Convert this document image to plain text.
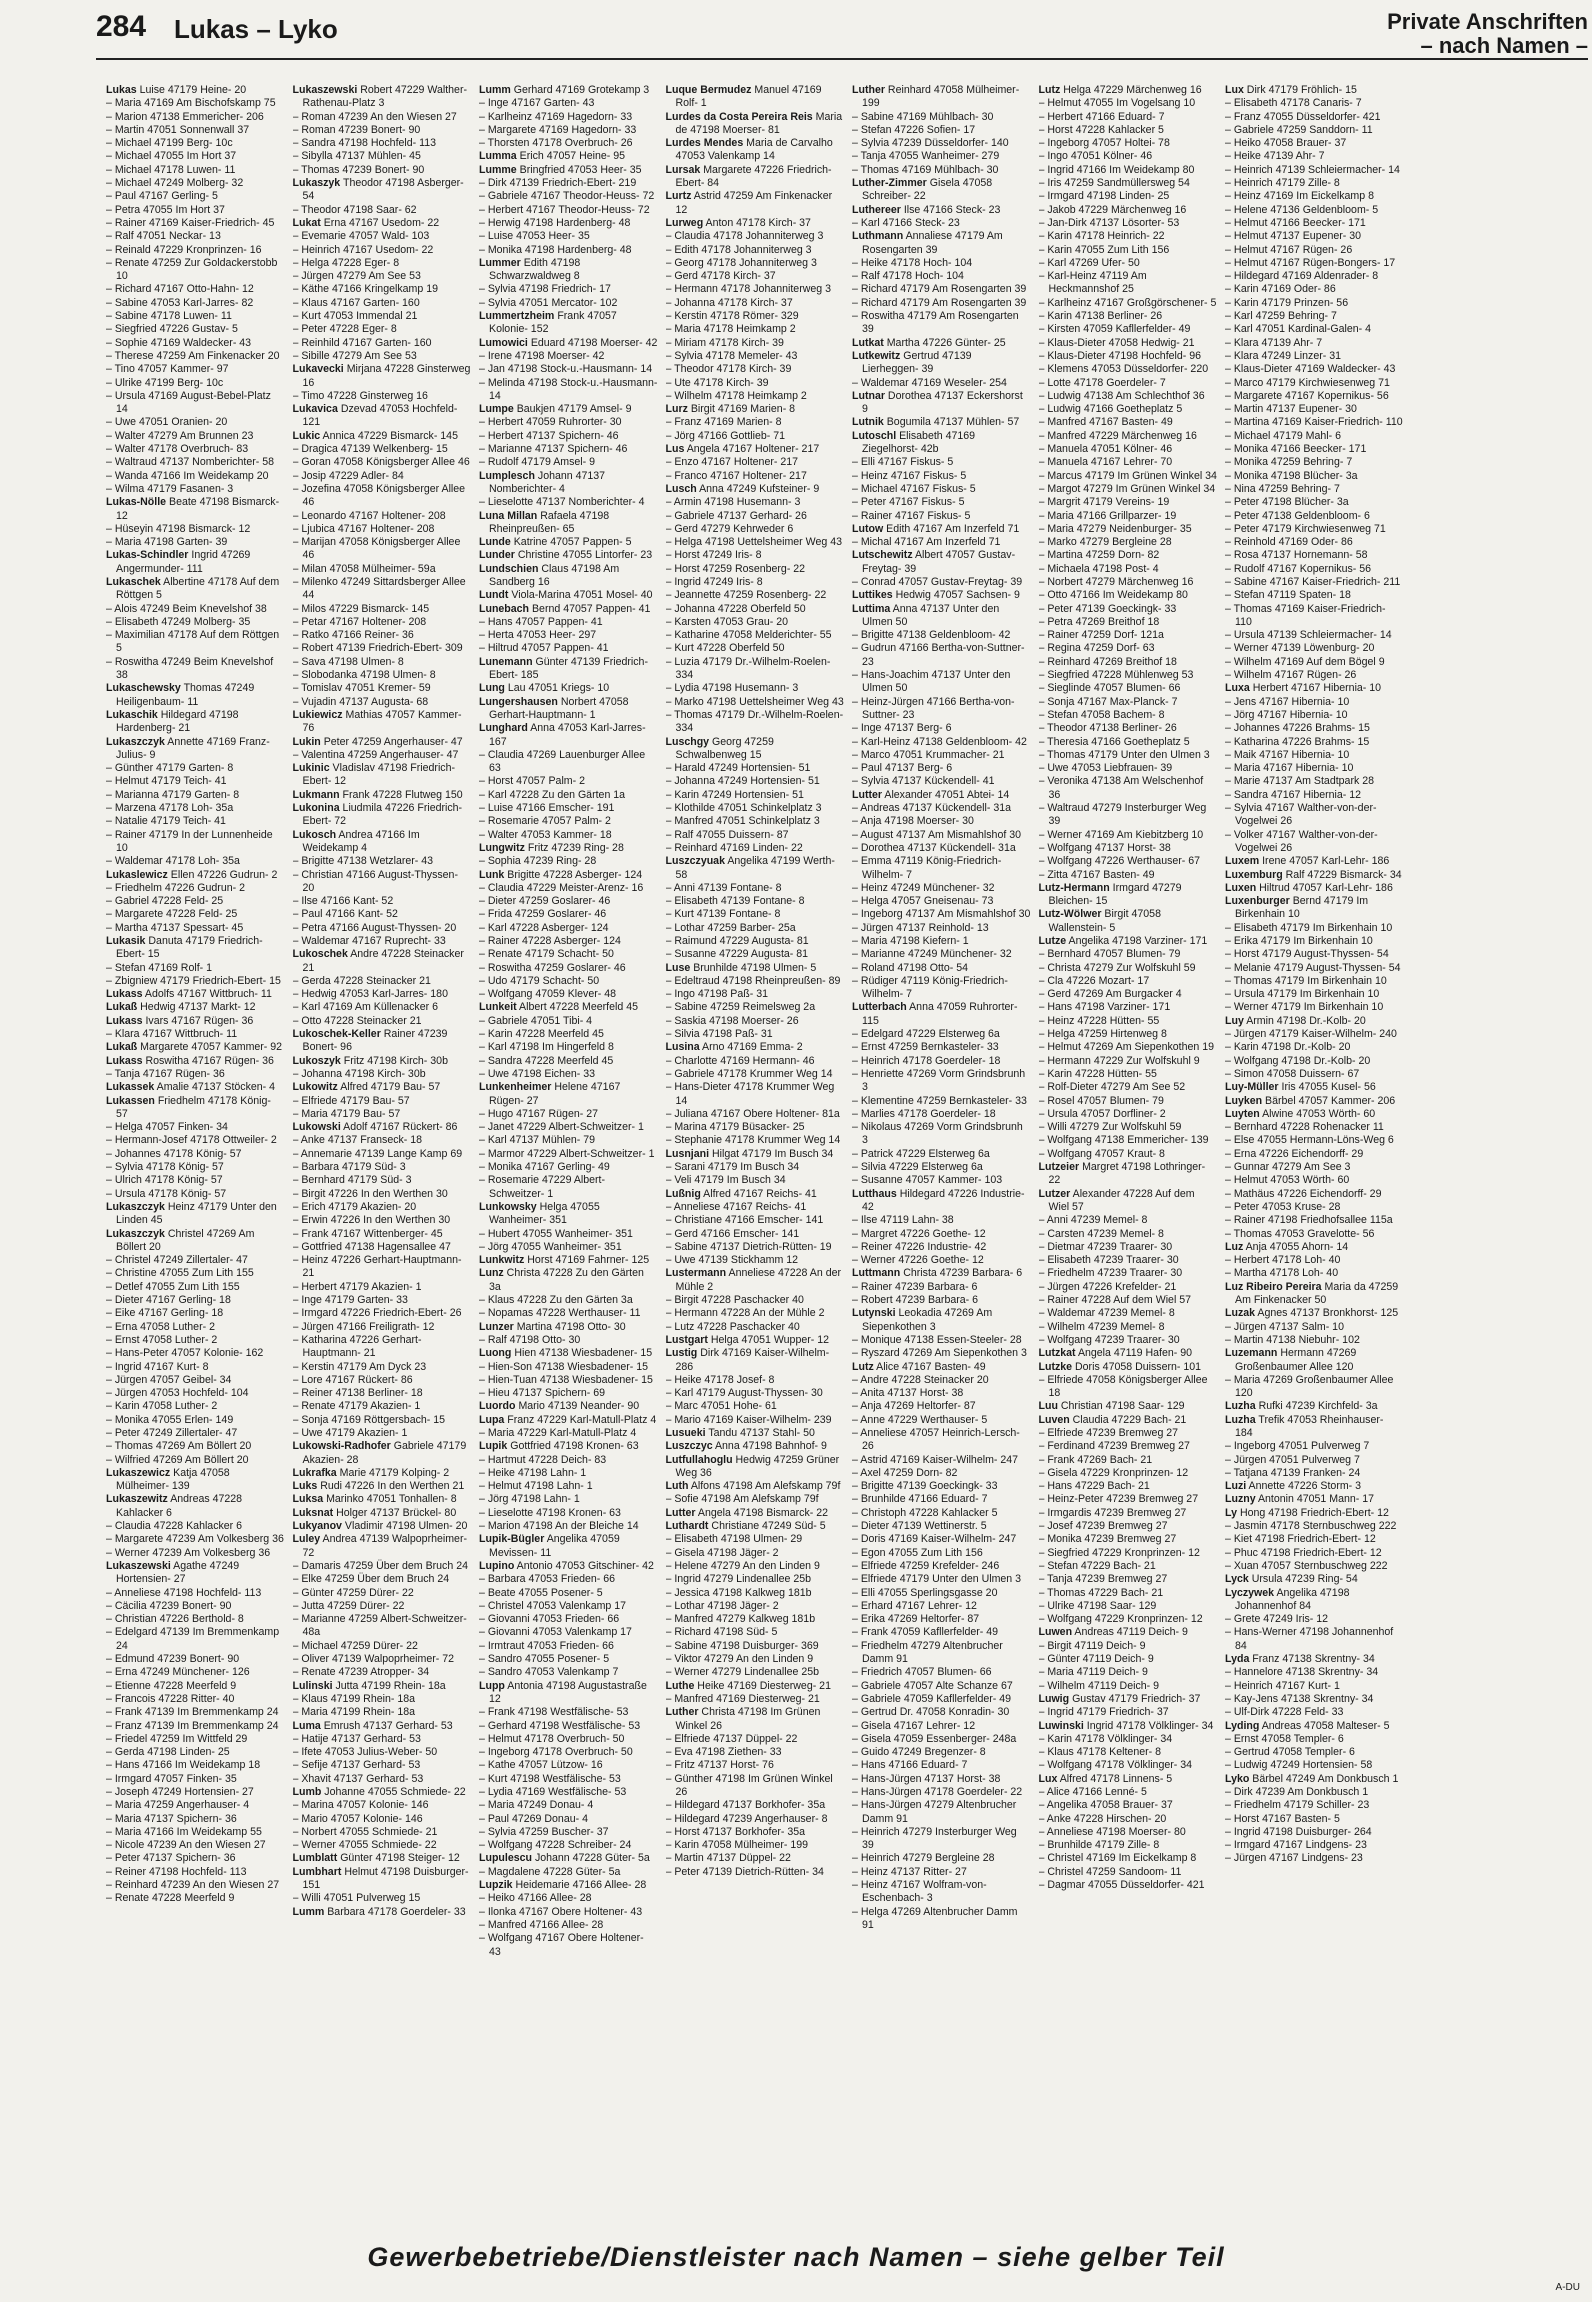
284 Lukas – Lyko	Private Anschriften
– nach Namen –
Lukas Luise 47179 Heine- 20
– Maria 47169 Am Bischofskamp 75
– Marion 47138 Emmericher- 206
– Martin 47051 Sonnenwall 37
– Michael 47199 Berg- 10c
– Michael 47055 Im Hort 37
– Michael 47178 Luwen- 11
– Michael 47249 Molberg- 32
– Paul 47167 Gerling- 5
– Petra 47055 Im Hort 37
– Rainer 47169 Kaiser-Friedrich- 45
– Ralf 47051 Neckar- 13
– Reinald 47229 Kronprinzen- 16
– Renate 47259 Zur Goldackerstobb 10
– Richard 47167 Otto-Hahn- 12
– Sabine 47053 Karl-Jarres- 82
– Sabine 47178 Luwen- 11
– Siegfried 47226 Gustav- 5
– Sophie 47169 Waldecker- 43
– Therese 47259 Am Finkenacker 20
– Tino 47057 Kammer- 97
– Ulrike 47199 Berg- 10c
– Ursula 47169 August-Bebel-Platz 14
– Uwe 47051 Oranien- 20
– Walter 47279 Am Brunnen 23
– Walter 47178 Overbruch- 83
– Waltraud 47137 Nomberichter- 58
– Wanda 47166 Im Weidekamp 20
– Wilma 47179 Fasanen- 3
Lukas-Nölle Beate 47198 Bismarck- 12
– Hüseyin 47198 Bismarck- 12
– Maria 47198 Garten- 39
Lukas-Schindler Ingrid 47269 Angermunder- 111
Lukaschek Albertine 47178 Auf dem Röttgen 5
– Alois 47249 Beim Knevelshof 38
– Elisabeth 47249 Molberg- 35
– Maximilian 47178 Auf dem Röttgen 5
– Roswitha 47249 Beim Knevelshof 38
Lukaschewsky Thomas 47249 Heiligenbaum- 11
Lukaschik Hildegard 47198 Hardenberg- 21
Lukaszczyk Annette 47169 Franz-Julius- 9
– Günther 47179 Garten- 8
– Helmut 47179 Teich- 41
– Marianna 47179 Garten- 8
– Marzena 47178 Loh- 35a
– Natalie 47179 Teich- 41
– Rainer 47179 In der Lunnenheide 10
– Waldemar 47178 Loh- 35a
Lukaslewicz Ellen 47226 Gudrun- 2
– Friedhelm 47226 Gudrun- 2
– Gabriel 47228 Feld- 25
– Margarete 47228 Feld- 25
– Martha 47137 Spessart- 45
Lukasik Danuta 47179 Friedrich-Ebert- 15
– Stefan 47169 Rolf- 1
– Zbigniew 47179 Friedrich-Ebert- 15
Lukass Adolfs 47167 Wittbruch- 11
Lukaß Hedwig 47137 Markt- 12
Lukass Ivars 47167 Rügen- 36
– Klara 47167 Wittbruch- 11
Lukaß Margarete 47057 Kammer- 92
Lukass Roswitha 47167 Rügen- 36
– Tanja 47167 Rügen- 36
Lukassek Amalie 47137 Stöcken- 4
Lukassen Friedhelm 47178 König- 57
– Helga 47057 Finken- 34
– Hermann-Josef 47178 Ottweiler- 2
– Johannes 47178 König- 57
– Sylvia 47178 König- 57
– Ulrich 47178 König- 57
– Ursula 47178 König- 57
Lukaszczyk Heinz 47179 Unter den Linden 45
Lukaszczyk Christel 47269 Am Böllert 20
– Christel 47249 Zillertaler- 47
– Christine 47055 Zum Lith 155
– Detlef 47055 Zum Lith 155
– Dieter 47167 Gerling- 18
– Eike 47167 Gerling- 18
– Erna 47058 Luther- 2
– Ernst 47058 Luther- 2
– Hans-Peter 47057 Kolonie- 162
– Ingrid 47167 Kurt- 8
– Jürgen 47057 Geibel- 34
– Jürgen 47053 Hochfeld- 104
– Karin 47058 Luther- 2
– Monika 47055 Erlen- 149
– Peter 47249 Zillertaler- 47
– Thomas 47269 Am Böllert 20
– Wilfried 47269 Am Böllert 20
Lukaszewicz Katja 47058 Mülheimer- 139
Lukaszewitz Andreas 47228 Kahlacker 6
– Claudia 47228 Kahlacker 6
– Margarete 47239 Am Volkesberg 36
– Werner 47239 Am Volkesberg 36
Lukaszewski Agathe 47249 Hortensien- 27
– Anneliese 47198 Hochfeld- 113
– Cäcilia 47239 Bonert- 90
– Christian 47226 Berthold- 8
– Edelgard 47139 Im Bremmenkamp 24
– Edmund 47239 Bonert- 90
– Erna 47249 Münchener- 126
– Etienne 47228 Meerfeld 9
– Francois 47228 Ritter- 40
– Frank 47139 Im Bremmenkamp 24
– Franz 47139 Im Bremmenkamp 24
– Friedel 47259 Im Wittfeld 29
– Gerda 47198 Linden- 25
– Hans 47166 Im Weidekamp 18
– Irmgard 47057 Finken- 35
– Joseph 47249 Hortensien- 27
– Maria 47259 Angerhauser- 4
– Maria 47137 Spichern- 36
– Maria 47166 Im Weidekamp 55
– Nicole 47239 An den Wiesen 27
– Peter 47137 Spichern- 36
– Reiner 47198 Hochfeld- 113
– Reinhard 47239 An den Wiesen 27
– Renate 47228 Meerfeld 9
Lukaszewski Robert 47229 Walther-Rathenau-Platz 3
– Roman 47239 An den Wiesen 27
– Roman 47239 Bonert- 90
– Sandra 47198 Hochfeld- 113
– Sibylla 47137 Mühlen- 45
– Thomas 47239 Bonert- 90
Lukaszyk Theodor 47198 Asberger- 54
– Theodor 47198 Saar- 62
Lukat Erna 47167 Usedom- 22
– Evemarie 47057 Wald- 103
– Heinrich 47167 Usedom- 22
– Helga 47228 Eger- 8
– Jürgen 47279 Am See 53
– Käthe 47166 Kringelkamp 19
– Klaus 47167 Garten- 160
– Kurt 47053 Immendal 21
– Peter 47228 Eger- 8
– Reinhild 47167 Garten- 160
– Sibille 47279 Am See 53
Lukavecki Mirjana 47228 Ginsterweg 16
– Timo 47228 Ginsterweg 16
Lukavica Dzevad 47053 Hochfeld- 121
Lukic Annica 47229 Bismarck- 145
– Dragica 47139 Welkenberg- 15
– Goran 47058 Königsberger Allee 46
– Josip 47229 Adler- 84
– Jozefina 47058 Königsberger Allee 46
– Leonardo 47167 Holtener- 208
– Ljubica 47167 Holtener- 208
– Marijan 47058 Königsberger Allee 46
– Milan 47058 Mülheimer- 59a
– Milenko 47249 Sittardsberger Allee 44
– Milos 47229 Bismarck- 145
– Petar 47167 Holtener- 208
– Ratko 47166 Reiner- 36
– Robert 47139 Friedrich-Ebert- 309
– Sava 47198 Ulmen- 8
– Slobodanka 47198 Ulmen- 8
– Tomislav 47051 Kremer- 59
– Vujadin 47137 Augusta- 68
Lukiewicz Mathias 47057 Kammer- 76
Lukin Peter 47259 Angerhauser- 47
– Valentina 47259 Angerhauser- 47
Lukinic Vladislav 47198 Friedrich-Ebert- 12
Lukmann Frank 47228 Flutweg 150
Lukonina Liudmila 47226 Friedrich-Ebert- 72
Lukosch Andrea 47166 Im Weidekamp 4
– Brigitte 47138 Wetzlarer- 43
– Christian 47166 August-Thyssen- 20
– Ilse 47166 Kant- 52
– Paul 47166 Kant- 52
– Petra 47166 August-Thyssen- 20
– Waldemar 47167 Ruprecht- 33
Lukoschek Andre 47228 Steinacker 21
– Gerda 47228 Steinacker 21
– Hedwig 47053 Karl-Jarres- 180
– Karl 47169 Am Küllenacker 6
– Otto 47228 Steinacker 21
Lukoschek-Keller Rainer 47239 Bonert- 96
Lukoszyk Fritz 47198 Kirch- 30b
– Johanna 47198 Kirch- 30b
Lukowitz Alfred 47179 Bau- 57
– Elfriede 47179 Bau- 57
– Maria 47179 Bau- 57
Lukowski Adolf 47167 Rückert- 86
– Anke 47137 Franseck- 18
– Annemarie 47139 Lange Kamp 69
– Barbara 47179 Süd- 3
– Bernhard 47179 Süd- 3
– Birgit 47226 In den Werthen 30
– Erich 47179 Akazien- 20
– Erwin 47226 In den Werthen 30
– Frank 47167 Wittenberger- 45
– Gottfried 47138 Hagensallee 47
– Heinz 47226 Gerhart-Hauptmann- 21
– Herbert 47179 Akazien- 1
– Inge 47179 Garten- 33
– Irmgard 47226 Friedrich-Ebert- 26
– Jürgen 47166 Freiligrath- 12
– Katharina 47226 Gerhart-Hauptmann- 21
– Kerstin 47179 Am Dyck 23
– Lore 47167 Rückert- 86
– Reiner 47138 Berliner- 18
– Renate 47179 Akazien- 1
– Sonja 47169 Röttgersbach- 15
– Uwe 47179 Akazien- 1
Lukowski-Radhofer Gabriele 47179 Akazien- 28
Lukrafka Marie 47179 Kolping- 2
Luks Rudi 47226 In den Werthen 21
Luksa Marinko 47051 Tonhallen- 8
Luksnat Holger 47137 Brückel- 80
Lukyanov Vladimir 47198 Ulmen- 20
Luley Andrea 47139 Walpoprheimer- 72
– Damaris 47259 Über dem Bruch 24
– Elke 47259 Über dem Bruch 24
– Günter 47259 Dürer- 22
– Jutta 47259 Dürer- 22
– Marianne 47259 Albert-Schweitzer- 48a
– Michael 47259 Dürer- 22
– Oliver 47139 Walpoprheimer- 72
– Renate 47239 Atropper- 34
Lulinski Jutta 47199 Rhein- 18a
– Klaus 47199 Rhein- 18a
– Maria 47199 Rhein- 18a
Luma Emrush 47137 Gerhard- 53
– Hatije 47137 Gerhard- 53
– Ifete 47053 Julius-Weber- 50
– Sefije 47137 Gerhard- 53
– Xhavit 47137 Gerhard- 53
Lumb Johanne 47055 Schmiede- 22
– Marina 47057 Kolonie- 146
– Mario 47057 Kolonie- 146
– Norbert 47055 Schmiede- 21
– Werner 47055 Schmiede- 22
Lumblatt Günter 47198 Steiger- 12
Lumbhart Helmut 47198 Duisburger- 151
– Willi 47051 Pulverweg 15
Lumm Barbara 47178 Goerdeler- 33
Lumm Gerhard 47169 Grotekamp 3
– Inge 47167 Garten- 43
– Karlheinz 47169 Hagedorn- 33
– Margarete 47169 Hagedorn- 33
– Thorsten 47178 Overbruch- 26
Lumma Erich 47057 Heine- 95
Lumme Bringfried 47053 Heer- 35
– Dirk 47139 Friedrich-Ebert- 219
– Gabriele 47167 Theodor-Heuss- 72
– Herbert 47167 Theodor-Heuss- 72
– Herwig 47198 Hardenberg- 48
– Luise 47053 Heer- 35
– Monika 47198 Hardenberg- 48
Lummer Edith 47198 Schwarzwaldweg 8
– Sylvia 47198 Friedrich- 17
– Sylvia 47051 Mercator- 102
Lummertzheim Frank 47057 Kolonie- 152
Lumowici Eduard 47198 Moerser- 42
– Irene 47198 Moerser- 42
– Jan 47198 Stock-u.-Hausmann- 14
– Melinda 47198 Stock-u.-Hausmann- 14
Lumpe Baukjen 47179 Amsel- 9
– Herbert 47059 Ruhrorter- 30
– Herbert 47137 Spichern- 46
– Marianne 47137 Spichern- 46
– Rudolf 47179 Amsel- 9
Lumplesch Johann 47137 Nomberichter- 4
– Lieselotte 47137 Nomberichter- 4
Luna Millan Rafaela 47198 Rheinpreußen- 65
Lunde Katrine 47057 Pappen- 5
Lunder Christine 47055 Lintorfer- 23
Lundschien Claus 47198 Am Sandberg 16
Lundt Viola-Marina 47051 Mosel- 40
Lunebach Bernd 47057 Pappen- 41
– Hans 47057 Pappen- 41
– Herta 47053 Heer- 297
– Hiltrud 47057 Pappen- 41
Lunemann Günter 47139 Friedrich-Ebert- 185
Lung Lau 47051 Kriegs- 10
Lungershausen Norbert 47058 Gerhart-Hauptmann- 1
Lunghard Anna 47053 Karl-Jarres- 167
– Claudia 47269 Lauenburger Allee 63
– Horst 47057 Palm- 2
– Karl 47228 Zu den Gärten 1a
– Luise 47166 Emscher- 191
– Rosemarie 47057 Palm- 2
– Walter 47053 Kammer- 18
Lungwitz Fritz 47239 Ring- 28
– Sophia 47239 Ring- 28
Lunk Brigitte 47228 Asberger- 124
– Claudia 47229 Meister-Arenz- 16
– Dieter 47259 Goslarer- 46
– Frida 47259 Goslarer- 46
– Karl 47228 Asberger- 124
– Rainer 47228 Asberger- 124
– Renate 47179 Schacht- 50
– Roswitha 47259 Goslarer- 46
– Udo 47179 Schacht- 50
– Wolfgang 47059 Klever- 48
Lunkeit Albert 47228 Meerfeld 45
– Gabriele 47051 Tibi- 4
– Karin 47228 Meerfeld 45
– Karl 47198 Im Hingerfeld 8
– Sandra 47228 Meerfeld 45
– Uwe 47198 Eichen- 33
Lunkenheimer Helene 47167 Rügen- 27
– Hugo 47167 Rügen- 27
– Janet 47229 Albert-Schweitzer- 1
– Karl 47137 Mühlen- 79
– Marmor 47229 Albert-Schweitzer- 1
– Monika 47167 Gerling- 49
– Rosemarie 47229 Albert-Schweitzer- 1
Lunkowsky Helga 47055 Wanheimer- 351
– Hubert 47055 Wanheimer- 351
– Jörg 47055 Wanheimer- 351
Lunkwitz Horst 47169 Fahrner- 125
Lunz Christa 47228 Zu den Gärten 3a
– Klaus 47228 Zu den Gärten 3a
– Nopamas 47228 Werthauser- 11
Lunzer Martina 47198 Otto- 30
– Ralf 47198 Otto- 30
Luong Hien 47138 Wiesbadener- 15
– Hien-Son 47138 Wiesbadener- 15
– Hien-Tuan 47138 Wiesbadener- 15
– Hieu 47137 Spichern- 69
Luordo Mario 47139 Neander- 90
Lupa Franz 47229 Karl-Matull-Platz 4
– Maria 47229 Karl-Matull-Platz 4
Lupik Gottfried 47198 Kronen- 63
– Hartmut 47228 Deich- 83
– Heike 47198 Lahn- 1
– Helmut 47198 Lahn- 1
– Jörg 47198 Lahn- 1
– Lieselotte 47198 Kronen- 63
– Marion 47198 An der Bleiche 14
Lupik-Bügler Angelika 47059 Mevissen- 11
Lupino Antonio 47053 Gitschiner- 42
– Barbara 47053 Frieden- 66
– Beate 47055 Posener- 5
– Christel 47053 Valenkamp 17
– Giovanni 47053 Frieden- 66
– Giovanni 47053 Valenkamp 17
– Irmtraut 47053 Frieden- 66
– Sandro 47055 Posener- 5
– Sandro 47053 Valenkamp 7
Lupp Antonia 47198 Augustastraße 12
– Frank 47198 Westfälische- 53
– Gerhard 47198 Westfälische- 53
– Helmut 47178 Overbruch- 50
– Ingeborg 47178 Overbruch- 50
– Kathe 47057 Lützow- 16
– Kurt 47198 Westfälische- 53
– Lydia 47169 Westfälische- 53
– Maria 47249 Donau- 4
– Paul 47269 Donau- 4
– Sylvia 47259 Buscher- 37
– Wolfgang 47228 Schreiber- 24
Lupulescu Johann 47228 Güter- 5a
– Magdalene 47228 Güter- 5a
Lupzik Heidemarie 47166 Allee- 28
– Heiko 47166 Allee- 28
– Ilonka 47167 Obere Holtener- 43
– Manfred 47166 Allee- 28
– Wolfgang 47167 Obere Holtener- 43
Luque Bermudez Manuel 47169 Rolf- 1
Lurdes da Costa Pereira Reis Maria de 47198 Moerser- 81
Lurdes Mendes Maria de Carvalho 47053 Valenkamp 14
Lursak Margarete 47226 Friedrich-Ebert- 84
Lurtz Astrid 47259 Am Finkenacker 12
Lurweg Anton 47178 Kirch- 37
– Claudia 47178 Johanniterweg 3
– Edith 47178 Johanniterweg 3
– Georg 47178 Johanniterweg 3
– Gerd 47178 Kirch- 37
– Hermann 47178 Johanniterweg 3
– Johanna 47178 Kirch- 37
– Kerstin 47178 Römer- 329
– Maria 47178 Heimkamp 2
– Miriam 47178 Kirch- 39
– Sylvia 47178 Memeler- 43
– Theodor 47178 Kirch- 39
– Ute 47178 Kirch- 39
– Wilhelm 47178 Heimkamp 2
Lurz Birgit 47169 Marien- 8
– Franz 47169 Marien- 8
– Jörg 47166 Gottlieb- 71
Lus Angela 47167 Holtener- 217
– Enzo 47167 Holtener- 217
– Franco 47167 Holtener- 217
Lusch Anna 47249 Kufsteiner- 9
– Armin 47198 Husemann- 3
– Gabriele 47137 Gerhard- 26
– Gerd 47279 Kehrweder 6
– Helga 47198 Uettelsheimer Weg 43
– Horst 47249 Iris- 8
– Horst 47259 Rosenberg- 22
– Ingrid 47249 Iris- 8
– Jeannette 47259 Rosenberg- 22
– Johanna 47228 Oberfeld 50
– Karsten 47053 Grau- 20
– Katharine 47058 Melderichter- 55
– Kurt 47228 Oberfeld 50
– Luzia 47179 Dr.-Wilhelm-Roelen- 334
– Lydia 47198 Husemann- 3
– Marko 47198 Uettelsheimer Weg 43
– Thomas 47179 Dr.-Wilhelm-Roelen- 334
Luschgy Georg 47259 Schwalbenweg 15
– Harald 47249 Hortensien- 51
– Johanna 47249 Hortensien- 51
– Karin 47249 Hortensien- 51
– Klothilde 47051 Schinkelplatz 3
– Manfred 47051 Schinkelplatz 3
– Ralf 47055 Duissern- 87
– Reinhard 47169 Linden- 22
Luszczyuak Angelika 47199 Werth- 58
– Anni 47139 Fontane- 8
– Elisabeth 47139 Fontane- 8
– Kurt 47139 Fontane- 8
– Lothar 47259 Barber- 25a
– Raimund 47229 Augusta- 81
– Susanne 47229 Augusta- 81
Luse Brunhilde 47198 Ulmen- 5
– Edeltraud 47198 Rheinpreußen- 89
– Ingo 47198 Paß- 31
– Sabine 47259 Reimelsweg 2a
– Saskia 47198 Moerser- 26
– Silvia 47198 Paß- 31
Lusina Arno 47169 Emma- 2
– Charlotte 47169 Hermann- 46
– Gabriele 47178 Krummer Weg 14
– Hans-Dieter 47178 Krummer Weg 14
– Juliana 47167 Obere Holtener- 81a
– Marina 47179 Büsacker- 25
– Stephanie 47178 Krummer Weg 14
Lusnjani Hilgat 47179 Im Busch 34
– Sarani 47179 Im Busch 34
– Veli 47179 Im Busch 34
Lußnig Alfred 47167 Reichs- 41
– Anneliese 47167 Reichs- 41
– Christiane 47166 Emscher- 141
– Gerd 47166 Emscher- 141
– Sabine 47137 Dietrich-Rütten- 19
– Uwe 47139 Stickhamm 12
Lustermann Anneliese 47228 An der Mühle 2
– Birgit 47228 Paschacker 40
– Hermann 47228 An der Mühle 2
– Lutz 47228 Paschacker 40
Lustgart Helga 47051 Wupper- 12
Lustig Dirk 47169 Kaiser-Wilhelm- 286
– Heike 47178 Josef- 8
– Karl 47179 August-Thyssen- 30
– Marc 47051 Hohe- 61
– Mario 47169 Kaiser-Wilhelm- 239
Lusueki Tandu 47137 Stahl- 50
Luszczyc Anna 47198 Bahnhof- 9
Lutfullahoglu Hedwig 47259 Grüner Weg 36
Luth Alfons 47198 Am Alefskamp 79f
– Sofie 47198 Am Alefskamp 79f
Lutter Angela 47198 Bismarck- 22
Luthardt Christiane 47249 Süd- 5
– Elisabeth 47198 Ulmen- 29
– Gisela 47198 Jäger- 2
– Helene 47279 An den Linden 9
– Ingrid 47279 Lindenallee 25b
– Jessica 47198 Kalkweg 181b
– Lothar 47198 Jäger- 2
– Manfred 47279 Kalkweg 181b
– Richard 47198 Süd- 5
– Sabine 47198 Duisburger- 369
– Viktor 47279 An den Linden 9
– Werner 47279 Lindenallee 25b
Luthe Heike 47169 Diesterweg- 21
– Manfred 47169 Diesterweg- 21
Luther Christa 47198 Im Grünen Winkel 26
– Elfriede 47137 Düppel- 22
– Eva 47198 Ziethen- 33
– Fritz 47137 Horst- 76
– Günther 47198 Im Grünen Winkel 26
– Hildegard 47137 Borkhofer- 35a
– Hildegard 47239 Angerhauser- 8
– Horst 47137 Borkhofer- 35a
– Karin 47058 Mülheimer- 199
– Martin 47137 Düppel- 22
– Peter 47139 Dietrich-Rütten- 34
Luther Reinhard 47058 Mülheimer- 199
– Sabine 47169 Mühlbach- 30
– Stefan 47226 Sofien- 17
– Sylvia 47239 Düsseldorfer- 140
– Tanja 47055 Wanheimer- 279
– Thomas 47169 Mühlbach- 30
Luther-Zimmer Gisela 47058 Schreiber- 22
Luthereer Ilse 47166 Steck- 23
– Karl 47166 Steck- 23
Luthmann Annaliese 47179 Am Rosengarten 39
– Heike 47178 Hoch- 104
– Ralf 47178 Hoch- 104
– Richard 47179 Am Rosengarten 39
– Richard 47179 Am Rosengarten 39
– Roswitha 47179 Am Rosengarten 39
Lutkat Martha 47226 Günter- 25
Lutkewitz Gertrud 47139 Lierheggen- 39
– Waldemar 47169 Weseler- 254
Lutnar Dorothea 47137 Eckershorst 9
Lutnik Bogumila 47137 Mühlen- 57
Lutoschl Elisabeth 47169 Ziegelhorst- 42b
– Elli 47167 Fiskus- 5
– Heinz 47167 Fiskus- 5
– Michael 47167 Fiskus- 5
– Peter 47167 Fiskus- 5
– Rainer 47167 Fiskus- 5
Lutow Edith 47167 Am Inzerfeld 71
– Michal 47167 Am Inzerfeld 71
Lutschewitz Albert 47057 Gustav-Freytag- 39
– Conrad 47057 Gustav-Freytag- 39
Luttikes Hedwig 47057 Sachsen- 9
Luttima Anna 47137 Unter den Ulmen 50
– Brigitte 47138 Geldenbloom- 42
– Gudrun 47166 Bertha-von-Suttner- 23
– Hans-Joachim 47137 Unter den Ulmen 50
– Heinz-Jürgen 47166 Bertha-von-Suttner- 23
– Inge 47137 Berg- 6
– Karl-Heinz 47138 Geldenbloom- 42
– Marco 47051 Krummacher- 21
– Paul 47137 Berg- 6
– Sylvia 47137 Kückendell- 41
Lutter Alexander 47051 Abtei- 14
– Andreas 47137 Kückendell- 31a
– Anja 47198 Moerser- 30
– August 47137 Am Mismahlshof 30
– Dorothea 47137 Kückendell- 31a
– Emma 47119 König-Friedrich-Wilhelm- 7
– Heinz 47249 Münchener- 32
– Helga 47057 Gneisenau- 73
– Ingeborg 47137 Am Mismahlshof 30
– Jürgen 47137 Reinhold- 13
– Maria 47198 Kiefern- 1
– Marianne 47249 Münchener- 32
– Roland 47198 Otto- 54
– Rüdiger 47119 König-Friedrich-Wilhelm- 7
Lutterbach Anna 47059 Ruhrorter- 115
– Edelgard 47229 Elsterweg 6a
– Ernst 47259 Bernkasteler- 33
– Heinrich 47178 Goerdeler- 18
– Henriette 47269 Vorm Grindsbrunh 3
– Klementine 47259 Bernkasteler- 33
– Marlies 47178 Goerdeler- 18
– Nikolaus 47269 Vorm Grindsbrunh 3
– Patrick 47229 Elsterweg 6a
– Silvia 47229 Elsterweg 6a
– Susanne 47057 Kammer- 103
Lutthaus Hildegard 47226 Industrie- 42
– Ilse 47119 Lahn- 38
– Margret 47226 Goethe- 12
– Reiner 47226 Industrie- 42
– Werner 47226 Goethe- 12
Luttmann Christa 47239 Barbara- 6
– Rainer 47239 Barbara- 6
– Robert 47239 Barbara- 6
Lutynski Leokadia 47269 Am Siepenkothen 3
– Monique 47138 Essen-Steeler- 28
– Ryszard 47269 Am Siepenkothen 3
Lutz Alice 47167 Basten- 49
– Andre 47228 Steinacker 20
– Anita 47137 Horst- 38
– Anja 47269 Heltorfer- 87
– Anne 47229 Werthauser- 5
– Anneliese 47057 Heinrich-Lersch- 26
– Astrid 47169 Kaiser-Wilhelm- 247
– Axel 47259 Dorn- 82
– Brigitte 47139 Goeckingk- 33
– Brunhilde 47166 Eduard- 7
– Christoph 47228 Kahlacker 5
– Dieter 47139 Wettinerstr. 5
– Doris 47169 Kaiser-Wilhelm- 247
– Egon 47055 Zum Lith 156
– Elfriede 47259 Krefelder- 246
– Elfriede 47179 Unter den Ulmen 3
– Elli 47055 Sperlingsgasse 20
– Erhard 47167 Lehrer- 12
– Erika 47269 Heltorfer- 87
– Frank 47059 Kafllerfelder- 49
– Friedhelm 47279 Altenbrucher Damm 91
– Friedrich 47057 Blumen- 66
– Gabriele 47057 Alte Schanze 67
– Gabriele 47059 Kafllerfelder- 49
– Gertrud Dr. 47058 Konradin- 30
– Gisela 47167 Lehrer- 12
– Gisela 47059 Essenberger- 248a
– Guido 47249 Bregenzer- 8
– Hans 47166 Eduard- 7
– Hans-Jürgen 47137 Horst- 38
– Hans-Jürgen 47178 Goerdeler- 22
– Hans-Jürgen 47279 Altenbrucher Damm 91
– Heinrich 47279 Insterburger Weg 39
– Heinrich 47279 Bergleine 28
– Heinz 47137 Ritter- 27
– Heinz 47167 Wolfram-von-Eschenbach- 3
– Helga 47269 Altenbrucher Damm 91
Lutz Helga 47229 Märchenweg 16
– Helmut 47055 Im Vogelsang 10
– Herbert 47166 Eduard- 7
– Horst 47228 Kahlacker 5
– Ingeborg 47057 Holtei- 78
– Ingo 47051 Kölner- 46
– Ingrid 47166 Im Weidekamp 80
– Iris 47259 Sandmüllersweg 54
– Irmgard 47198 Linden- 25
– Jakob 47229 Märchenweg 16
– Jan-Dirk 47137 Lösorter- 53
– Karin 47178 Heinrich- 22
– Karin 47055 Zum Lith 156
– Karl 47269 Ufer- 50
– Karl-Heinz 47119 Am Heckmannshof 25
– Karlheinz 47167 Großgörschener- 5
– Karin 47138 Berliner- 26
– Kirsten 47059 Kafllerfelder- 49
– Klaus-Dieter 47058 Hedwig- 21
– Klaus-Dieter 47198 Hochfeld- 96
– Klemens 47053 Düsseldorfer- 220
– Lotte 47178 Goerdeler- 7
– Ludwig 47138 Am Schlechthof 36
– Ludwig 47166 Goetheplatz 5
– Manfred 47167 Basten- 49
– Manfred 47229 Märchenweg 16
– Manuela 47051 Kölner- 46
– Manuela 47167 Lehrer- 70
– Marcus 47179 Im Grünen Winkel 34
– Margot 47279 Im Grünen Winkel 34
– Margrit 47179 Vereins- 19
– Maria 47166 Grillparzer- 19
– Maria 47279 Neidenburger- 35
– Marko 47279 Bergleine 28
– Martina 47259 Dorn- 82
– Michaela 47198 Post- 4
– Norbert 47279 Märchenweg 16
– Otto 47166 Im Weidekamp 80
– Peter 47139 Goeckingk- 33
– Petra 47269 Breithof 18
– Rainer 47259 Dorf- 121a
– Regina 47259 Dorf- 63
– Reinhard 47269 Breithof 18
– Siegfried 47228 Mühlenweg 53
– Sieglinde 47057 Blumen- 66
– Sonja 47167 Max-Planck- 7
– Stefan 47058 Bachem- 8
– Theodor 47138 Berliner- 26
– Theresia 47166 Goetheplatz 5
– Thomas 47179 Unter den Ulmen 3
– Uwe 47053 Liebfrauen- 39
– Veronika 47138 Am Welschenhof 36
– Waltraud 47279 Insterburger Weg 39
– Werner 47169 Am Kiebitzberg 10
– Wolfgang 47137 Horst- 38
– Wolfgang 47226 Werthauser- 67
– Zitta 47167 Basten- 49
Lutz-Hermann Irmgard 47279 Bleichen- 15
Lutz-Wölwer Birgit 47058 Wallenstein- 5
Lutze Angelika 47198 Varziner- 171
– Bernhard 47057 Blumen- 79
– Christa 47279 Zur Wolfskuhl 59
– Cla 47226 Mozart- 17
– Gerd 47269 Am Burgacker 4
– Hans 47198 Varziner- 171
– Heinz 47228 Hütten- 55
– Helga 47259 Hirtenweg 8
– Helmut 47269 Am Siepenkothen 19
– Hermann 47229 Zur Wolfskuhl 9
– Karin 47228 Hütten- 55
– Rolf-Dieter 47279 Am See 52
– Rosel 47057 Blumen- 79
– Ursula 47057 Dorfliner- 2
– Willi 47279 Zur Wolfskuhl 59
– Wolfgang 47138 Emmericher- 139
– Wolfgang 47057 Kraut- 8
Lutzeier Margret 47198 Lothringer- 22
Lutzer Alexander 47228 Auf dem Wiel 57
– Anni 47239 Memel- 8
– Carsten 47239 Memel- 8
– Dietmar 47239 Traarer- 30
– Elisabeth 47239 Traarer- 30
– Friedhelm 47239 Traarer- 30
– Jürgen 47226 Krefelder- 21
– Rainer 47228 Auf dem Wiel 57
– Waldemar 47239 Memel- 8
– Wilhelm 47239 Memel- 8
– Wolfgang 47239 Traarer- 30
Lutzkat Angela 47119 Hafen- 90
Lutzke Doris 47058 Duissern- 101
– Elfriede 47058 Königsberger Allee 18
Luu Christian 47198 Saar- 129
Luven Claudia 47229 Bach- 21
– Elfriede 47239 Bremweg 27
– Ferdinand 47239 Bremweg 27
– Frank 47269 Bach- 21
– Gisela 47229 Kronprinzen- 12
– Hans 47229 Bach- 21
– Heinz-Peter 47239 Bremweg 27
– Irmgardis 47239 Bremweg 27
– Josef 47239 Bremweg 27
– Monika 47239 Bremweg 27
– Siegfried 47229 Kronprinzen- 12
– Stefan 47229 Bach- 21
– Tanja 47239 Bremweg 27
– Thomas 47229 Bach- 21
– Ulrike 47198 Saar- 129
– Wolfgang 47229 Kronprinzen- 12
Luwen Andreas 47119 Deich- 9
– Birgit 47119 Deich- 9
– Günter 47119 Deich- 9
– Maria 47119 Deich- 9
– Wilhelm 47119 Deich- 9
Luwig Gustav 47179 Friedrich- 37
– Ingrid 47179 Friedrich- 37
Luwinski Ingrid 47178 Völklinger- 34
– Karin 47178 Völklinger- 34
– Klaus 47178 Keltener- 8
– Wolfgang 47178 Völklinger- 34
Lux Alfred 47178 Linnens- 5
– Alice 47166 Lenné- 5
– Angelika 47058 Brauer- 37
– Anke 47228 Hirschen- 20
– Anneliese 47198 Moerser- 80
– Brunhilde 47179 Zille- 8
– Christel 47169 Im Eickelkamp 8
– Christel 47259 Sandoom- 11
– Dagmar 47055 Düsseldorfer- 421
Lux Dirk 47179 Fröhlich- 15
– Elisabeth 47178 Canaris- 7
– Franz 47055 Düsseldorfer- 421
– Gabriele 47259 Sanddorn- 11
– Heiko 47058 Brauer- 37
– Heike 47139 Ahr- 7
– Heinrich 47139 Schleiermacher- 14
– Heinrich 47179 Zille- 8
– Heinz 47169 Im Eickelkamp 8
– Helene 47136 Geldenbloom- 5
– Helmut 47166 Beecker- 171
– Helmut 47137 Eupener- 30
– Helmut 47167 Rügen- 26
– Helmut 47167 Rügen-Bongers- 17
– Hildegard 47169 Aldenrader- 8
– Karin 47169 Oder- 86
– Karin 47179 Prinzen- 56
– Karl 47259 Behring- 7
– Karl 47051 Kardinal-Galen- 4
– Klara 47139 Ahr- 7
– Klara 47249 Linzer- 31
– Klaus-Dieter 47169 Waldecker- 43
– Marco 47179 Kirchwiesenweg 71
– Margarete 47167 Kopernikus- 56
– Martin 47137 Eupener- 30
– Martina 47169 Kaiser-Friedrich- 110
– Michael 47179 Mahl- 6
– Monika 47166 Beecker- 171
– Monika 47259 Behring- 7
– Monika 47198 Blücher- 3a
– Nina 47259 Behring- 7
– Peter 47198 Blücher- 3a
– Peter 47138 Geldenbloom- 6
– Peter 47179 Kirchwiesenweg 71
– Reinhold 47169 Oder- 86
– Rosa 47137 Hornemann- 58
– Rudolf 47167 Kopernikus- 56
– Sabine 47167 Kaiser-Friedrich- 211
– Stefan 47119 Spaten- 18
– Thomas 47169 Kaiser-Friedrich- 110
– Ursula 47139 Schleiermacher- 14
– Werner 47139 Löwenburg- 20
– Wilhelm 47169 Auf dem Bögel 9
– Wilhelm 47167 Rügen- 26
Luxa Herbert 47167 Hibernia- 10
– Jens 47167 Hibernia- 10
– Jörg 47167 Hibernia- 10
– Johannes 47226 Brahms- 15
– Katharina 47226 Brahms- 15
– Maik 47167 Hibernia- 10
– Maria 47167 Hibernia- 10
– Marie 47137 Am Stadtpark 28
– Sandra 47167 Hibernia- 12
– Sylvia 47167 Walther-von-der-Vogelwei 26
– Volker 47167 Walther-von-der-Vogelwei 26
Luxem Irene 47057 Karl-Lehr- 186
Luxemburg Ralf 47229 Bismarck- 34
Luxen Hiltrud 47057 Karl-Lehr- 186
Luxenburger Bernd 47179 Im Birkenhain 10
– Elisabeth 47179 Im Birkenhain 10
– Erika 47179 Im Birkenhain 10
– Horst 47179 August-Thyssen- 54
– Melanie 47179 August-Thyssen- 54
– Thomas 47179 Im Birkenhain 10
– Ursula 47179 Im Birkenhain 10
– Werner 47179 Im Birkenhain 10
Luy Armin 47198 Dr.-Kolb- 20
– Jürgen 47179 Kaiser-Wilhelm- 240
– Karin 47198 Dr.-Kolb- 20
– Wolfgang 47198 Dr.-Kolb- 20
– Simon 47058 Duissern- 67
Luy-Müller Iris 47055 Kusel- 56
Luyken Bärbel 47057 Kammer- 206
Luyten Alwine 47053 Wörth- 60
– Bernhard 47228 Rohenacker 11
– Else 47055 Hermann-Löns-Weg 6
– Erna 47226 Eichendorff- 29
– Gunnar 47279 Am See 3
– Helmut 47053 Wörth- 60
– Mathäus 47226 Eichendorff- 29
– Peter 47053 Kruse- 28
– Rainer 47198 Friedhofsallee 115a
– Thomas 47053 Gravelotte- 56
Luz Anja 47055 Ahorn- 14
– Herbert 47178 Loh- 40
– Martha 47178 Loh- 40
Luz Ribeiro Pereira Maria da 47259 Am Finkenacker 50
Luzak Agnes 47137 Bronkhorst- 125
– Jürgen 47137 Salm- 10
– Martin 47138 Niebuhr- 102
Luzemann Hermann 47269 Großenbaumer Allee 120
– Maria 47269 Großenbaumer Allee 120
Luzha Rufki 47239 Kirchfeld- 3a
Luzha Trefik 47053 Rheinhauser- 184
– Ingeborg 47051 Pulverweg 7
– Jürgen 47051 Pulverweg 7
– Tatjana 47139 Franken- 24
Luzi Annette 47226 Storm- 3
Luzny Antonin 47051 Mann- 17
Ly Hong 47198 Friedrich-Ebert- 12
– Jasmin 47178 Sternbuschweg 222
– Kiet 47198 Friedrich-Ebert- 12
– Phuc 47198 Friedrich-Ebert- 12
– Xuan 47057 Sternbuschweg 222
Lyck Ursula 47239 Ring- 54
Lyczywek Angelika 47198 Johannenhof 84
– Grete 47249 Iris- 12
– Hans-Werner 47198 Johannenhof 84
Lyda Franz 47138 Skrentny- 34
– Hannelore 47138 Skrentny- 34
– Heinrich 47167 Kurt- 1
– Kay-Jens 47138 Skrentny- 34
– Ulf-Dirk 47228 Feld- 33
Lyding Andreas 47058 Malteser- 5
– Ernst 47058 Templer- 6
– Gertrud 47058 Templer- 6
– Ludwig 47249 Hortensien- 58
Lyko Bärbel 47249 Am Donkbusch 1
– Dirk 47239 Am Donkbusch 1
– Friedhelm 47179 Schiller- 23
– Horst 47167 Basten- 5
– Ingrid 47198 Duisburger- 264
– Irmgard 47167 Lindgens- 23
– Jürgen 47167 Lindgens- 23
Gewerbebetriebe/Dienstleister nach Namen – siehe gelber Teil
A-DU
